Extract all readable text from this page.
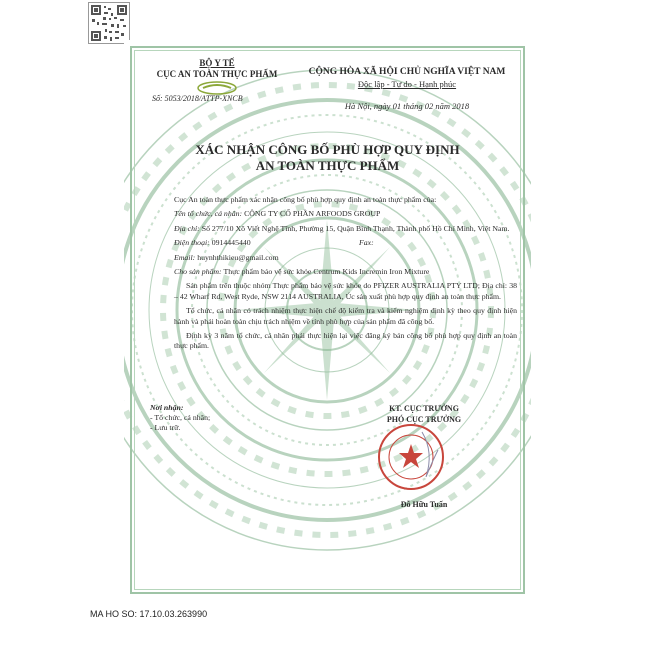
BỘ Y TẾ
CỤC AN TOÀN THỰC PHẨM
Số: 5053/2018/ATTP-XNCB
CỘNG HÒA XÃ HỘI CHỦ NGHĨA VIỆT NAM
Độc lập - Tự do - Hạnh phúc
Hà Nội, ngày 01 tháng 02 năm 2018
XÁC NHẬN CÔNG BỐ PHÙ HỢP QUY ĐỊNH
AN TOÀN THỰC PHẨM

Cục An toàn thực phẩm xác nhận công bố phù hợp quy định an toàn thực phẩm của:

Tên tổ chức, cá nhân: CÔNG TY CỔ PHẦN ARFOODS GROUP

Địa chỉ: Số 277/10 Xô Viết Nghệ Tĩnh, Phường 15, Quận Bình Thạnh, Thành phố Hồ Chí Minh, Việt Nam.

Điện thoại: 0914445440	Fax:

Email: huynhthikieu@gmail.com

Cho sản phẩm: Thực phẩm bảo vệ sức khỏe Centrum Kids Incremin Iron Mixture

Sản phẩm trên thuộc nhóm Thực phẩm bảo vệ sức khỏe do PFIZER AUSTRALIA PTY LTD; Địa chỉ: 38 – 42 Wharf Rd, West Ryde, NSW 2114 AUSTRALIA, Úc sản xuất phù hợp quy định an toàn thực phẩm.

Tổ chức, cá nhân có trách nhiệm thực hiện chế độ kiểm tra và kiểm nghiệm định kỳ theo quy định hiện hành và phải hoàn toàn chịu trách nhiệm về tính phù hợp của sản phẩm đã công bố.

Định kỳ 3 năm tổ chức, cá nhân phải thực hiện lại việc đăng ký bản công bố phù hợp quy định an toàn thực phẩm.

Nơi nhận:
- Tổ chức, cá nhân;
- Lưu trữ.
KT. CỤC TRƯỞNG
PHÓ CỤC TRƯỞNG
Đỗ Hữu Tuấn
MA HO SO: 17.10.03.263990
